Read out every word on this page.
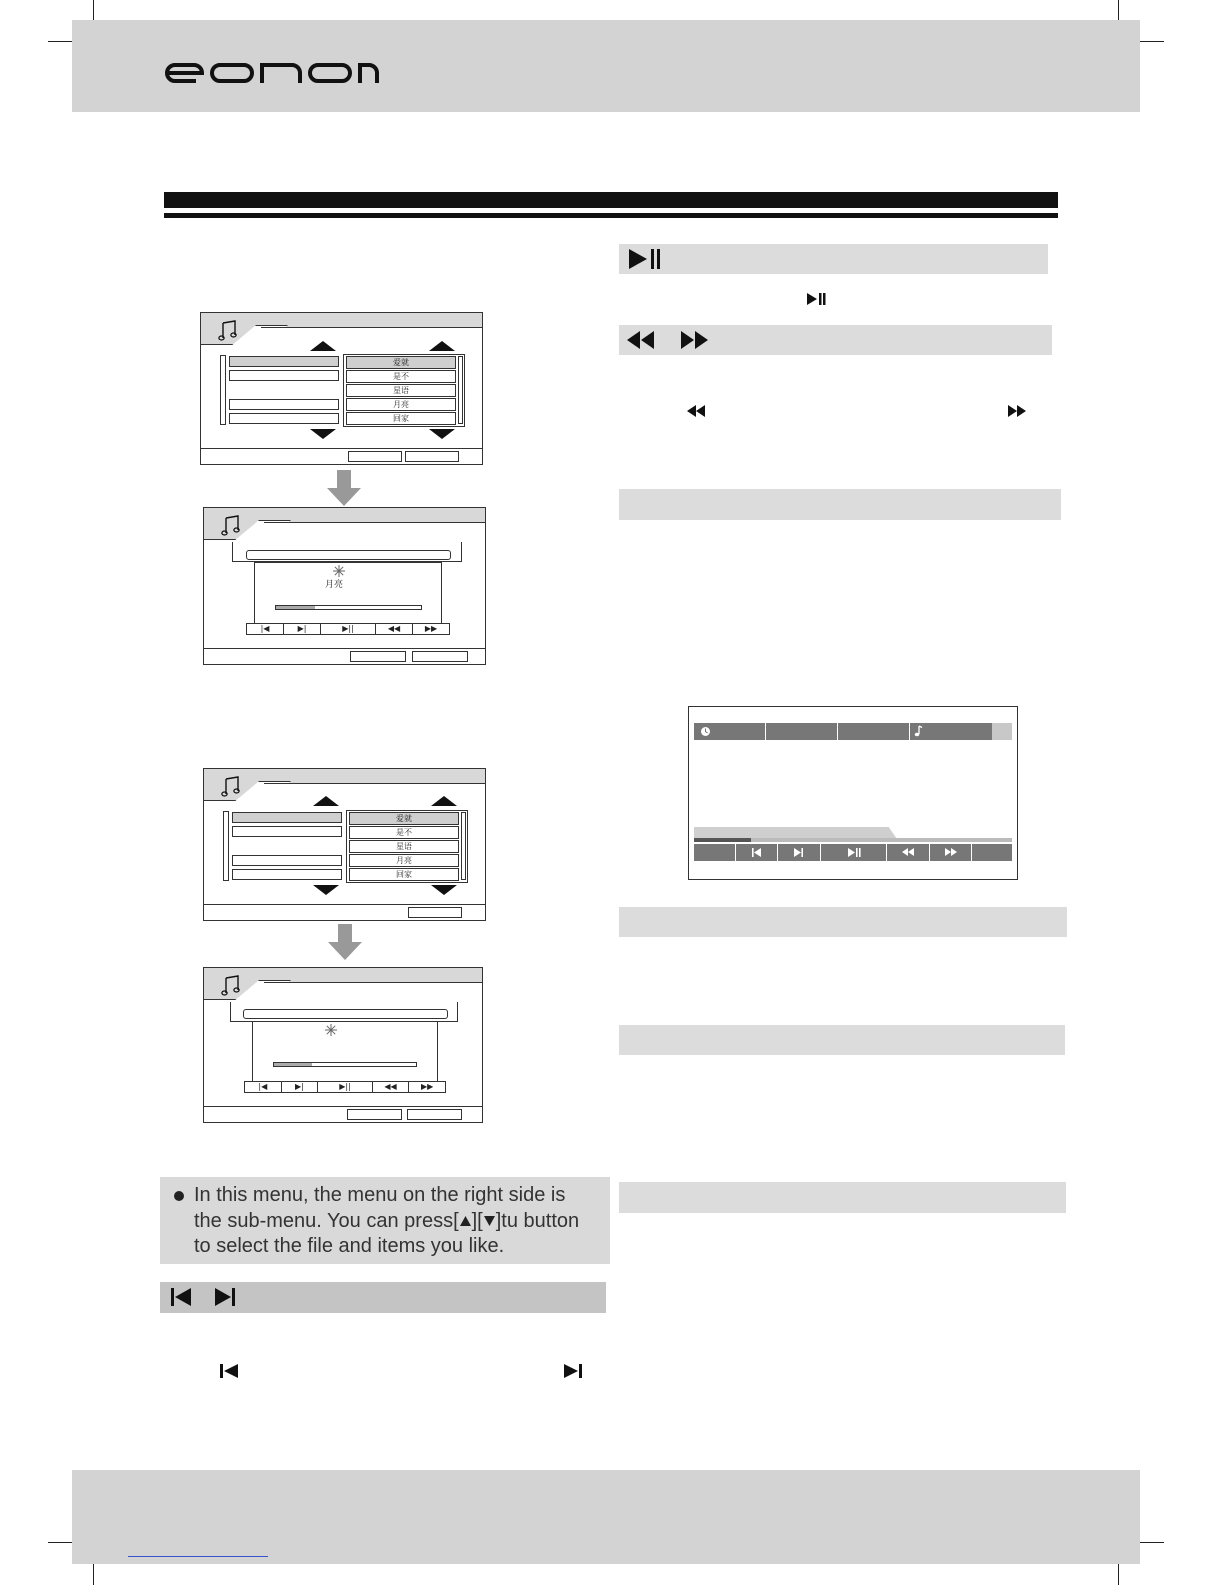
爱就
是不
星语
月亮
回家
月亮
|◀	▶|	▶||	◀◀	▶▶
爱就
是不
星语
月亮
回家
|◀	▶|	▶||	◀◀	▶▶
In this menu, the menu on the right side is
the sub-menu. You can press[ ][ ]tu button
to select the file and items you like.
